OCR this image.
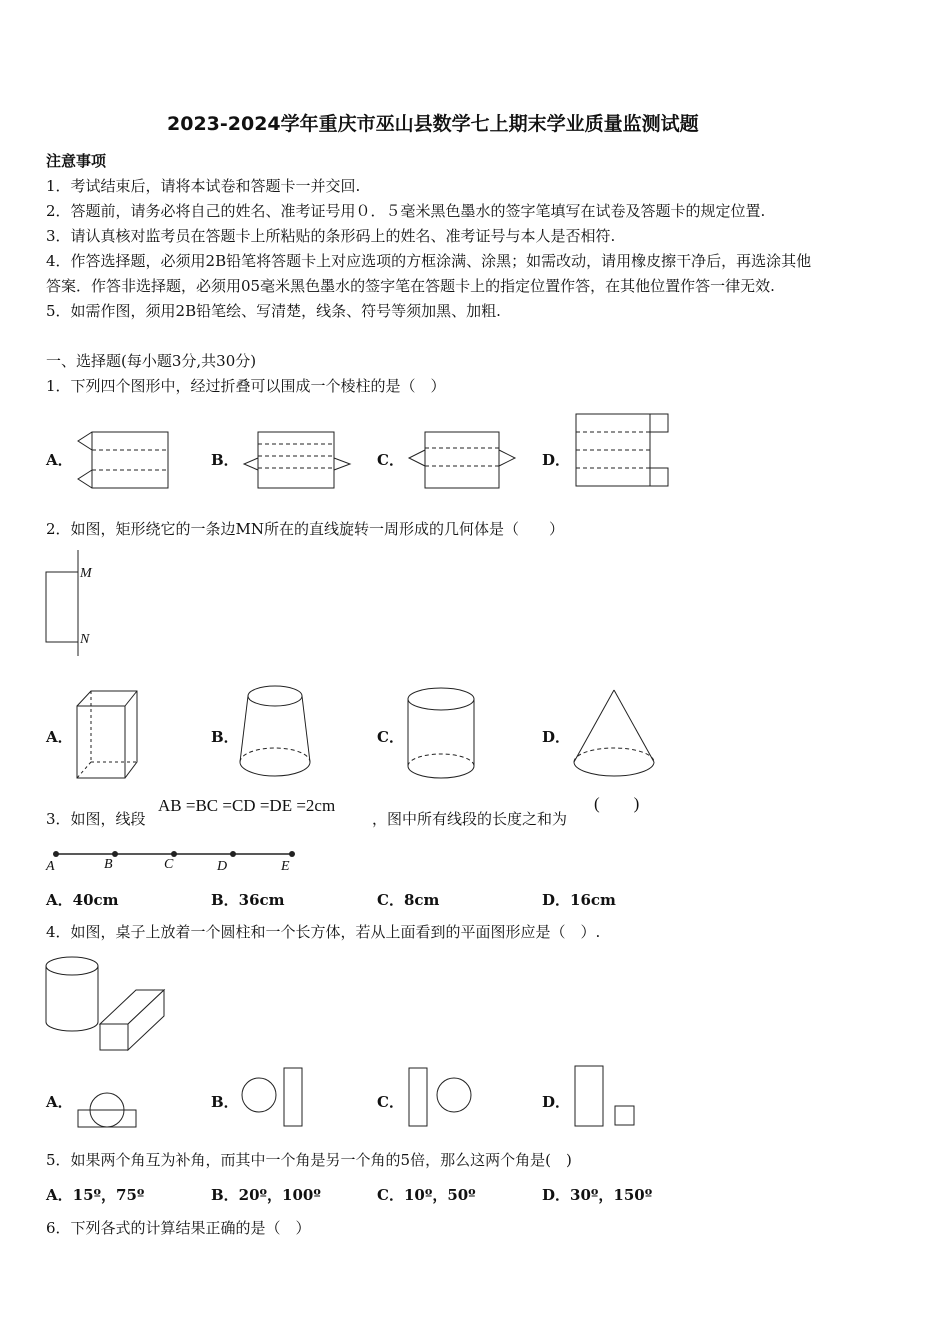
2023-2024学年重庆市巫山县数学七上期末学业质量监测试题
注意事项
1．考试结束后，请将本试卷和答题卡一并交回.
2．答题前，请务必将自己的姓名、准考证号用０．５毫米黑色墨水的签字笔填写在试卷及答题卡的规定位置.
3．请认真核对监考员在答题卡上所粘贴的条形码上的姓名、准考证号与本人是否相符.
4．作答选择题，必须用2B铅笔将答题卡上对应选项的方框涂满、涂黑；如需改动，请用橡皮擦干净后，再选涂其他
答案．作答非选择题，必须用05毫米黑色墨水的签字笔在答题卡上的指定位置作答，在其他位置作答一律无效.
5．如需作图，须用2B铅笔绘、写清楚，线条、符号等须加黑、加粗.
一、选择题(每小题3分,共30分)
1．下列四个图形中，经过折叠可以围成一个棱柱的是（　）
A．	B．	C．	D．
2．如图，矩形绕它的一条边MN所在的直线旋转一周形成的几何体是（　　）
M
N
A．	B．	C．	D．
3．如图，线段
AB =BC =CD =DE =2cm
，图中所有线段的长度之和为
(　　)
A	B	C	D	E
A．40cm	B．36cm	C．8cm	D．16cm
4．如图，桌子上放着一个圆柱和一个长方体，若从上面看到的平面图形应是（　）.
A．	B．	C．	D．
5．如果两个角互为补角，而其中一个角是另一个角的5倍，那么这两个角是(　)
A．15º，75º	B．20º，100º	C．10º，50º	D．30º，150º
6．下列各式的计算结果正确的是（　）
